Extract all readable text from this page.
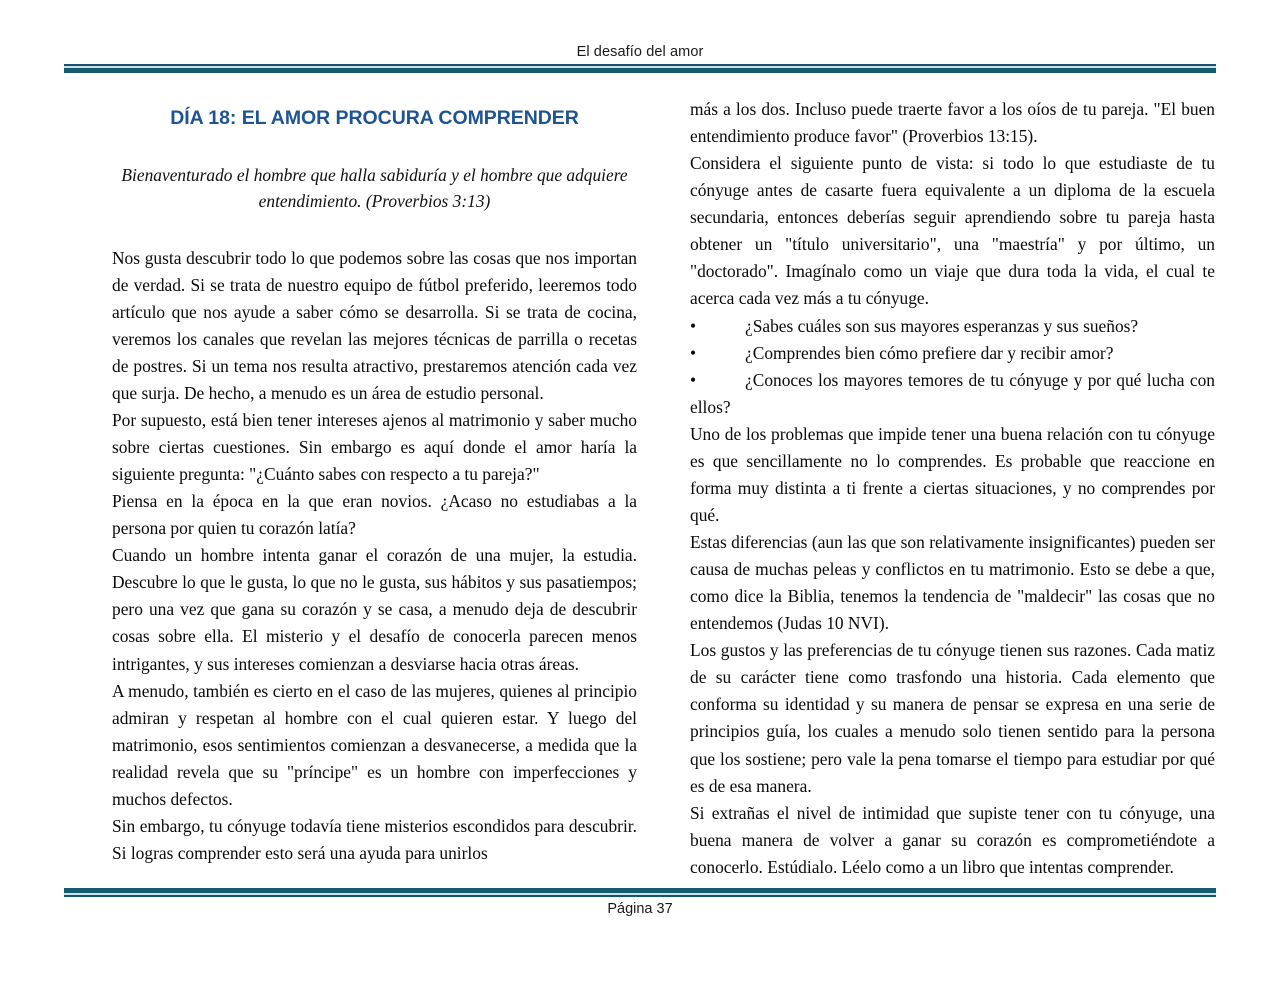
El desafío del amor
DÍA 18: EL AMOR PROCURA COMPRENDER
Bienaventurado el hombre que halla sabiduría y el hombre que adquiere entendimiento. (Proverbios 3:13)

Nos gusta descubrir todo lo que podemos sobre las cosas que nos importan de verdad. Si se trata de nuestro equipo de fútbol preferido, leeremos todo artículo que nos ayude a saber cómo se desarrolla. Si se trata de cocina, veremos los canales que revelan las mejores técnicas de parrilla o recetas de postres. Si un tema nos resulta atractivo, prestaremos atención cada vez que surja. De hecho, a menudo es un área de estudio personal.

Por supuesto, está bien tener intereses ajenos al matrimonio y saber mucho sobre ciertas cuestiones. Sin embargo es aquí donde el amor haría la siguiente pregunta: "¿Cuánto sabes con respecto a tu pareja?"

Piensa en la época en la que eran novios. ¿Acaso no estudiabas a la persona por quien tu corazón latía?

Cuando un hombre intenta ganar el corazón de una mujer, la estudia. Descubre lo que le gusta, lo que no le gusta, sus hábitos y sus pasatiempos; pero una vez que gana su corazón y se casa, a menudo deja de descubrir cosas sobre ella. El misterio y el desafío de conocerla parecen menos intrigantes, y sus intereses comienzan a desviarse hacia otras áreas.

A menudo, también es cierto en el caso de las mujeres, quienes al principio admiran y respetan al hombre con el cual quieren estar. Y luego del matrimonio, esos sentimientos comienzan a desvanecerse, a medida que la realidad revela que su "príncipe" es un hombre con imperfecciones y muchos defectos.

Sin embargo, tu cónyuge todavía tiene misterios escondidos para descubrir. Si logras comprender esto será una ayuda para unirlos

más a los dos. Incluso puede traerte favor a los oíos de tu pareja. "El buen entendimiento produce favor" (Proverbios 13:15).

Considera el siguiente punto de vista: si todo lo que estudiaste de tu cónyuge antes de casarte fuera equivalente a un diploma de la escuela secundaria, entonces deberías seguir aprendiendo sobre tu pareja hasta obtener un "título universitario", una "maestría" y por último, un "doctorado". Imagínalo como un viaje que dura toda la vida, el cual te acerca cada vez más a tu cónyuge.

•	¿Sabes cuáles son sus mayores esperanzas y sus sueños?
•	¿Comprendes bien cómo prefiere dar y recibir amor?
•	¿Conoces los mayores temores de tu cónyuge y por qué lucha con ellos?

Uno de los problemas que impide tener una buena relación con tu cónyuge es que sencillamente no lo comprendes. Es probable que reaccione en forma muy distinta a ti frente a ciertas situaciones, y no comprendes por qué.

Estas diferencias (aun las que son relativamente insignificantes) pueden ser causa de muchas peleas y conflictos en tu matrimonio. Esto se debe a que, como dice la Biblia, tenemos la tendencia de "maldecir" las cosas que no entendemos (Judas 10 NVI).

Los gustos y las preferencias de tu cónyuge tienen sus razones. Cada matiz de su carácter tiene como trasfondo una historia. Cada elemento que conforma su identidad y su manera de pensar se expresa en una serie de principios guía, los cuales a menudo solo tienen sentido para la persona que los sostiene; pero vale la pena tomarse el tiempo para estudiar por qué es de esa manera.

Si extrañas el nivel de intimidad que supiste tener con tu cónyuge, una buena manera de volver a ganar su corazón es comprometiéndote a conocerlo. Estúdialo. Léelo como a un libro que intentas comprender.

Página 37
